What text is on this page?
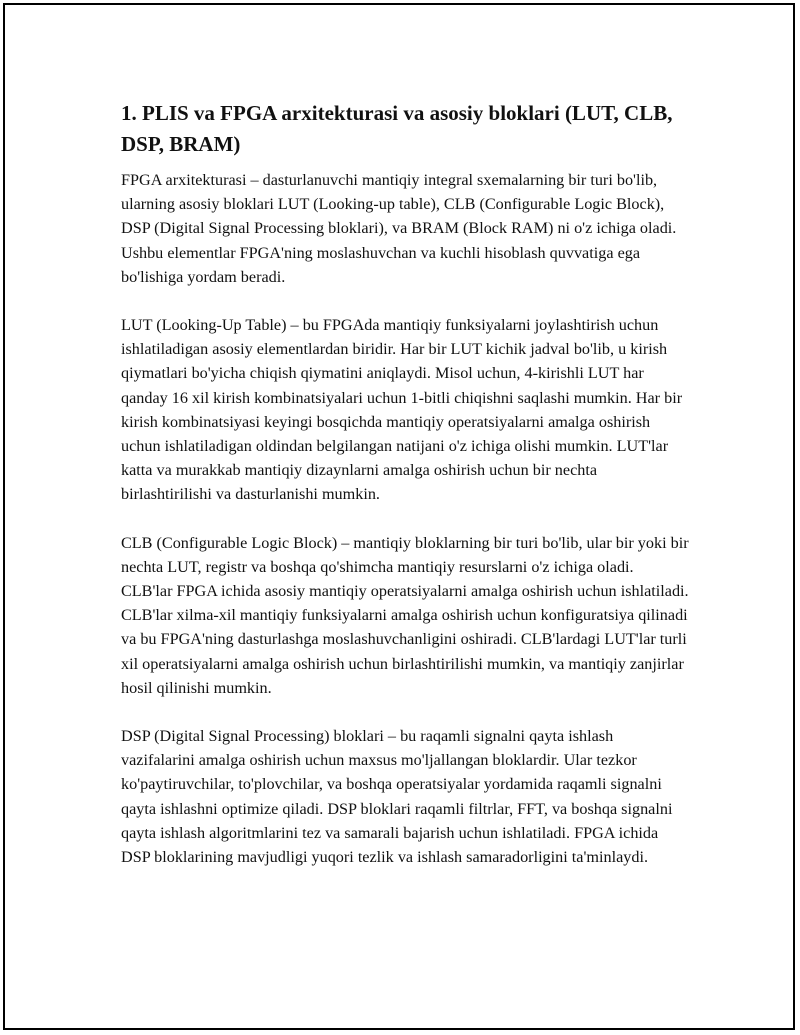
1. PLIS va FPGA arxitekturasi va asosiy bloklari (LUT, CLB, DSP, BRAM)

FPGA arxitekturasi – dasturlanuvchi mantiqiy integral sxemalarning bir turi bo'lib, ularning asosiy bloklari LUT (Looking-up table), CLB (Configurable Logic Block), DSP (Digital Signal Processing bloklari), va BRAM (Block RAM) ni o'z ichiga oladi. Ushbu elementlar FPGA'ning moslashuvchan va kuchli hisoblash quvvatiga ega bo'lishiga yordam beradi.

LUT (Looking-Up Table) – bu FPGAda mantiqiy funksiyalarni joylashtirish uchun ishlatiladigan asosiy elementlardan biridir. Har bir LUT kichik jadval bo'lib, u kirish qiymatlari bo'yicha chiqish qiymatini aniqlaydi. Misol uchun, 4-kirishli LUT har qanday 16 xil kirish kombinatsiyalari uchun 1-bitli chiqishni saqlashi mumkin. Har bir kirish kombinatsiyasi keyingi bosqichda mantiqiy operatsiyalarni amalga oshirish uchun ishlatiladigan oldindan belgilangan natijani o'z ichiga olishi mumkin. LUT'lar katta va murakkab mantiqiy dizaynlarni amalga oshirish uchun bir nechta birlashtirilishi va dasturlanishi mumkin.

CLB (Configurable Logic Block) – mantiqiy bloklarning bir turi bo'lib, ular bir yoki bir nechta LUT, registr va boshqa qo'shimcha mantiqiy resurslarni o'z ichiga oladi. CLB'lar FPGA ichida asosiy mantiqiy operatsiyalarni amalga oshirish uchun ishlatiladi. CLB'lar xilma-xil mantiqiy funksiyalarni amalga oshirish uchun konfiguratsiya qilinadi va bu FPGA'ning dasturlashga moslashuvchanligini oshiradi. CLB'lardagi LUT'lar turli xil operatsiyalarni amalga oshirish uchun birlashtirilishi mumkin, va mantiqiy zanjirlar hosil qilinishi mumkin.

DSP (Digital Signal Processing) bloklari – bu raqamli signalni qayta ishlash vazifalarini amalga oshirish uchun maxsus mo'ljallangan bloklardir. Ular tezkor ko'paytiruvchilar, to'plovchilar, va boshqa operatsiyalar yordamida raqamli signalni qayta ishlashni optimize qiladi. DSP bloklari raqamli filtrlar, FFT, va boshqa signalni qayta ishlash algoritmlarini tez va samarali bajarish uchun ishlatiladi. FPGA ichida DSP bloklarining mavjudligi yuqori tezlik va ishlash samaradorligini ta'minlaydi.
